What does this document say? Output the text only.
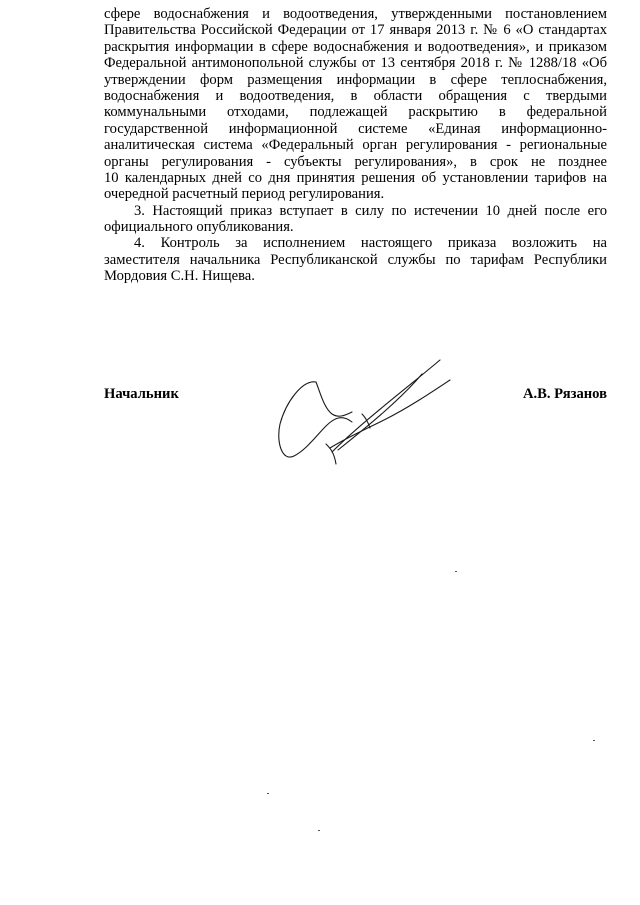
сфере водоснабжения и водоотведения, утвержденными постановлением
Правительства Российской Федерации от 17 января 2013 г. № 6 «О стандартах
раскрытия информации в сфере водоснабжения и водоотведения», и приказом
Федеральной антимонопольной службы от 13 сентября 2018 г. № 1288/18 «Об
утверждении форм размещения информации в сфере теплоснабжения,
водоснабжения и водоотведения, в области обращения с твердыми
коммунальными отходами, подлежащей раскрытию в федеральной
государственной информационной системе «Единая информационно-
аналитическая система «Федеральный орган регулирования - региональные
органы регулирования - субъекты регулирования», в срок не позднее
10 календарных дней со дня принятия решения об установлении тарифов на
очередной расчетный период регулирования.
3. Настоящий приказ вступает в силу по истечении 10 дней после его
официального опубликования.
4. Контроль за исполнением настоящего приказа возложить на
заместителя начальника Республиканской службы по тарифам Республики
Мордовия С.Н. Нищева.
Начальник	А.В. Рязанов
